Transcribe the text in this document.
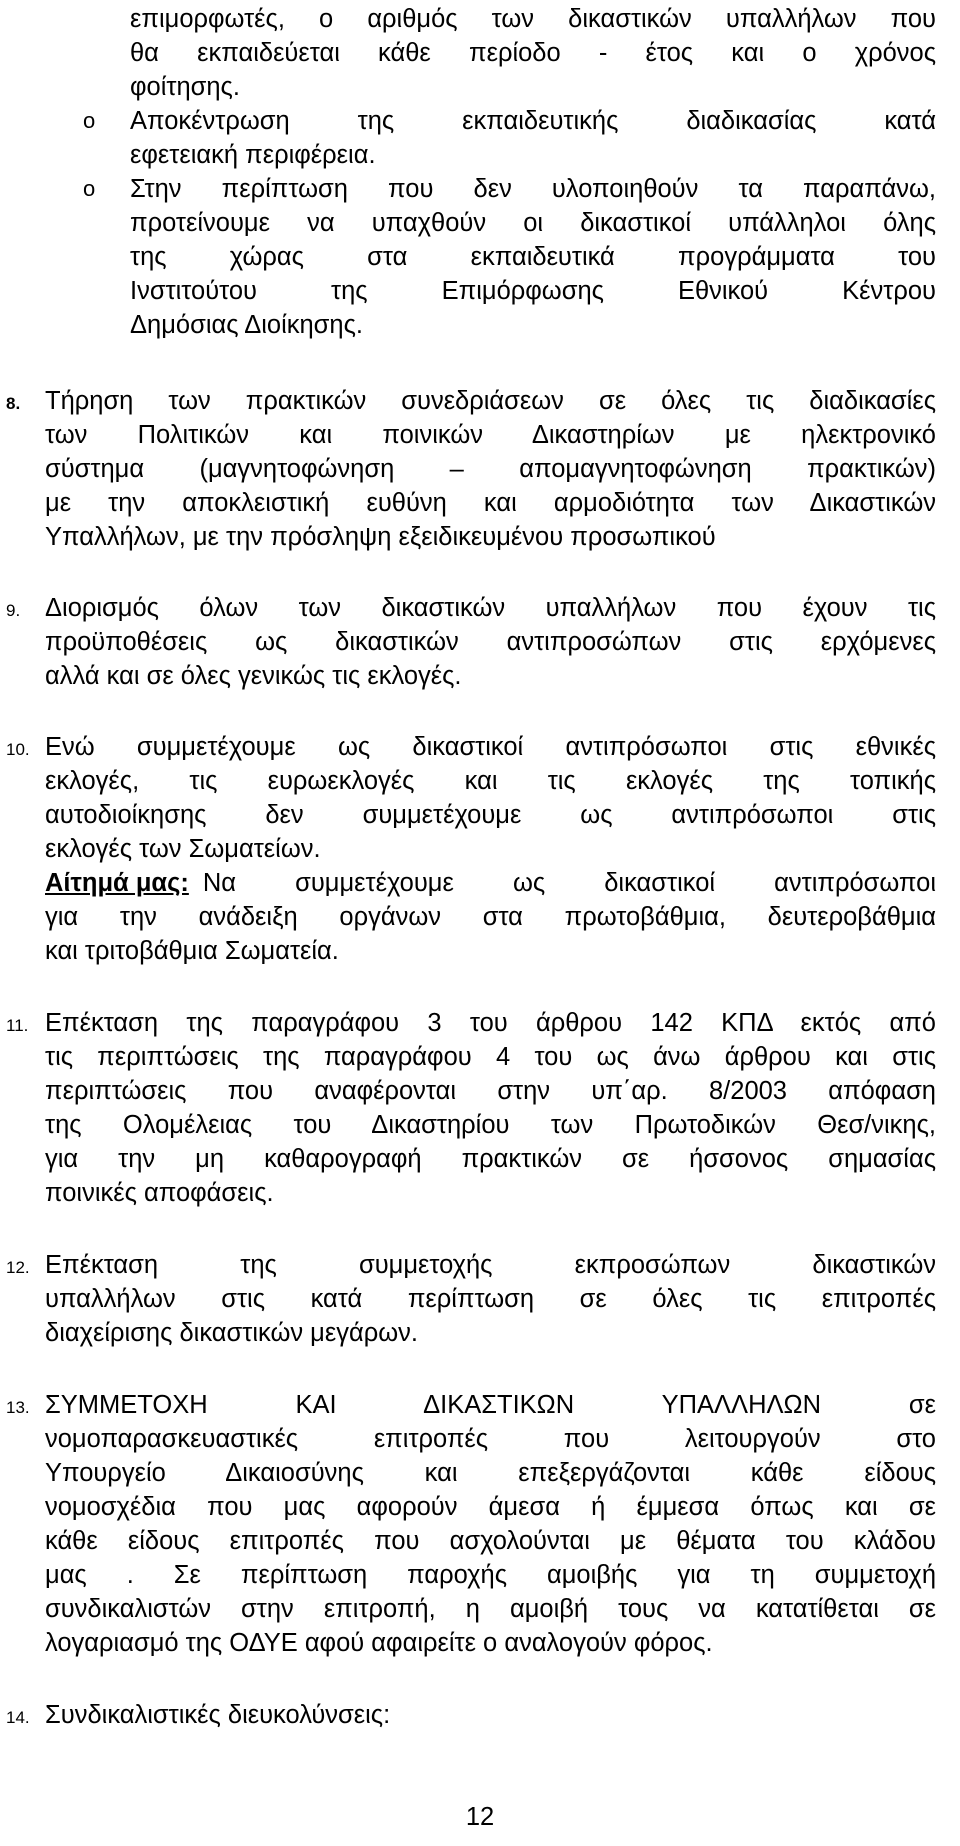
επιμορφωτές, ο αριθμός των δικαστικών υπαλλήλων που
θα εκπαιδεύεται κάθε περίοδο - έτος και ο χρόνος
φοίτησης.
o Αποκέντρωση της εκπαιδευτικής διαδικασίας κατά
εφετειακή περιφέρεια.
o Στην περίπτωση που δεν υλοποιηθούν τα παραπάνω,
προτείνουμε να υπαχθούν οι δικαστικοί υπάλληλοι όλης
της χώρας στα εκπαιδευτικά προγράμματα του
Ινστιτούτου της Επιμόρφωσης Εθνικού Κέντρου
Δημόσιας Διοίκησης.
8. Τήρηση των πρακτικών συνεδριάσεων σε όλες τις διαδικασίες
των Πολιτικών και ποινικών Δικαστηρίων με ηλεκτρονικό
σύστημα (μαγνητοφώνηση – απομαγνητοφώνηση πρακτικών)
με την αποκλειστική ευθύνη και αρμοδιότητα των Δικαστικών
Υπαλλήλων, με την πρόσληψη εξειδικευμένου προσωπικού
9. Διορισμός όλων των δικαστικών υπαλλήλων που έχουν τις
προϋποθέσεις ως δικαστικών αντιπροσώπων στις ερχόμενες
αλλά και σε όλες γενικώς τις εκλογές.
10. Ενώ συμμετέχουμε ως δικαστικοί αντιπρόσωποι στις εθνικές
εκλογές, τις ευρωεκλογές και τις εκλογές της τοπικής
αυτοδιοίκησης δεν συμμετέχουμε ως αντιπρόσωποι στις
εκλογές των Σωματείων.
Αίτημά μας: Να συμμετέχουμε ως δικαστικοί αντιπρόσωποι
για την ανάδειξη οργάνων στα πρωτοβάθμια, δευτεροβάθμια
και τριτοβάθμια Σωματεία.
11. Επέκταση της παραγράφου 3 του άρθρου 142 ΚΠΔ εκτός από
τις περιπτώσεις της παραγράφου 4 του ως άνω άρθρου και στις
περιπτώσεις που αναφέρονται στην υπ΄αρ. 8/2003 απόφαση
της Ολομέλειας του Δικαστηρίου των Πρωτοδικών Θεσ/νικης,
για την μη καθαρογραφή πρακτικών σε ήσσονος σημασίας
ποινικές αποφάσεις.
12. Επέκταση της συμμετοχής εκπροσώπων δικαστικών
υπαλλήλων στις κατά περίπτωση σε όλες τις επιτροπές
διαχείρισης δικαστικών μεγάρων.
13. ΣΥΜΜΕΤΟΧΗ ΚΑΙ ΔΙΚΑΣΤΙΚΩΝ ΥΠΑΛΛΗΛΩΝ σε
νομοπαρασκευαστικές επιτροπές που λειτουργούν στο
Υπουργείο Δικαιοσύνης και επεξεργάζονται κάθε είδους
νομοσχέδια που μας αφορούν άμεσα ή έμμεσα όπως και σε
κάθε είδους επιτροπές που ασχολούνται με θέματα του κλάδου
μας . Σε περίπτωση παροχής αμοιβής για τη συμμετοχή
συνδικαλιστών στην επιτροπή, η αμοιβή τους να κατατίθεται σε
λογαριασμό της ΟΔΥΕ αφού αφαιρείτε ο αναλογούν φόρος.
14. Συνδικαλιστικές διευκολύνσεις:
12
